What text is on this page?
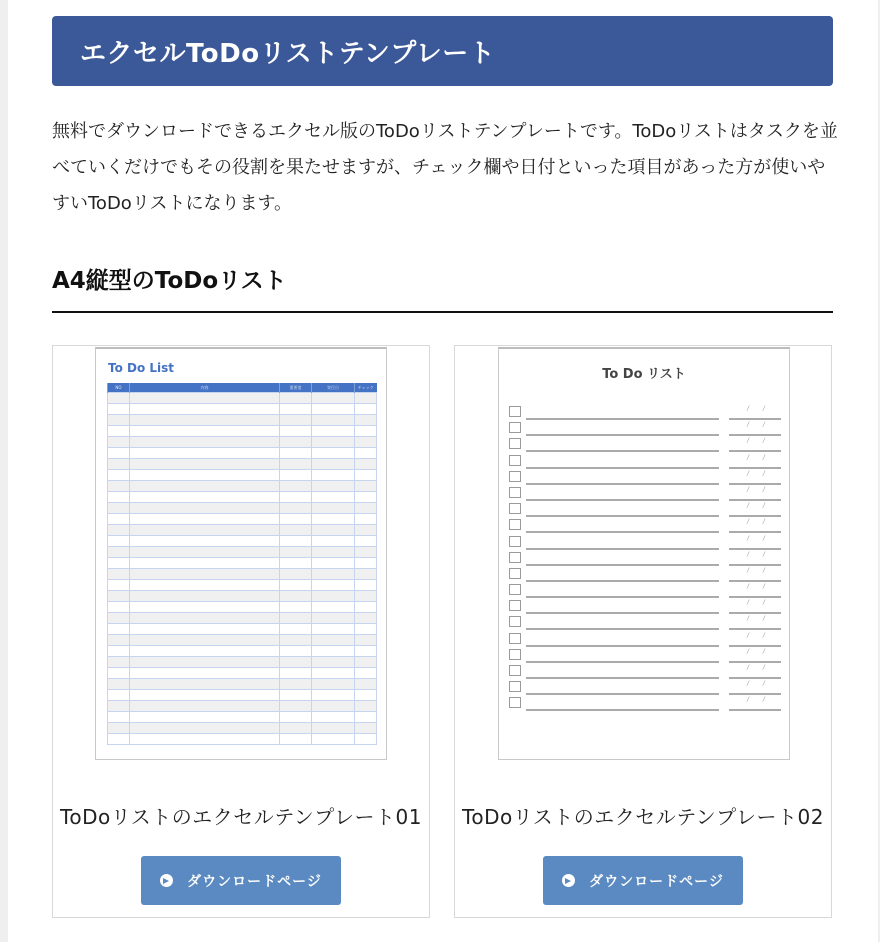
エクセルToDoリストテンプレート

無料でダウンロードできるエクセル版のToDoリストテンプレートです。ToDoリストはタスクを並べていくだけでもその役割を果たせますが、チェック欄や日付といった項目があった方が使いやすいToDoリストになります。

A4縦型のToDoリスト
To Do List
NO	内容	重要度	実行日	チェック

ToDoリストのエクセルテンプレート01
ダウンロードページ
To Do リスト
/ /
/ /
/ /
/ /
/ /
/ /
/ /
/ /
/ /
/ /
/ /
/ /
/ /
/ /
/ /
/ /
/ /
/ /
/ /
ToDoリストのエクセルテンプレート02
ダウンロードページ
